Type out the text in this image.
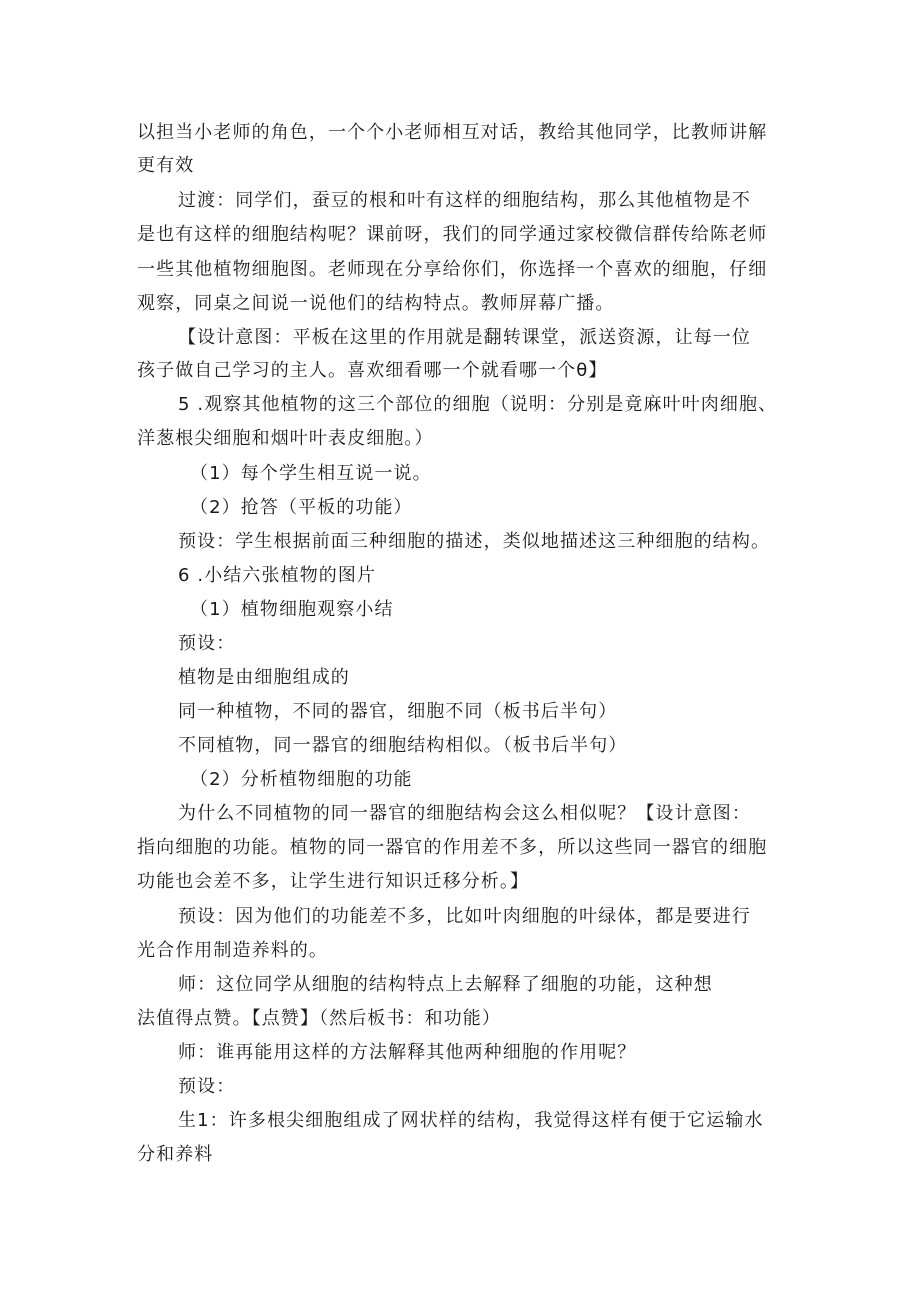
以担当小老师的角色，一个个小老师相互对话，教给其他同学，比教师讲解
更有效
过渡：同学们，蚕豆的根和叶有这样的细胞结构，那么其他植物是不
是也有这样的细胞结构呢？课前呀，我们的同学通过家校微信群传给陈老师
一些其他植物细胞图。老师现在分享给你们，你选择一个喜欢的细胞，仔细
观察，同桌之间说一说他们的结构特点。教师屏幕广播。
【设计意图：平板在这里的作用就是翻转课堂，派送资源，让每一位
孩子做自己学习的主人。喜欢细看哪一个就看哪一个θ】
5 .观察其他植物的这三个部位的细胞（说明：分别是竟麻叶叶肉细胞、
洋葱根尖细胞和烟叶叶表皮细胞。）
（1）每个学生相互说一说。
（2）抢答（平板的功能）
预设：学生根据前面三种细胞的描述，类似地描述这三种细胞的结构。
6 .小结六张植物的图片
（1）植物细胞观察小结
预设：
植物是由细胞组成的
同一种植物，不同的器官，细胞不同（板书后半句）
不同植物，同一器官的细胞结构相似。（板书后半句）
（2）分析植物细胞的功能
为什么不同植物的同一器官的细胞结构会这么相似呢？【设计意图：
指向细胞的功能。植物的同一器官的作用差不多，所以这些同一器官的细胞
功能也会差不多，让学生进行知识迁移分析。】
预设：因为他们的功能差不多，比如叶肉细胞的叶绿体，都是要进行
光合作用制造养料的。
师：这位同学从细胞的结构特点上去解释了细胞的功能，这种想
法值得点赞。【点赞】（然后板书：和功能）
师：谁再能用这样的方法解释其他两种细胞的作用呢？
预设：
生1：许多根尖细胞组成了网状样的结构，我觉得这样有便于它运输水
分和养料
